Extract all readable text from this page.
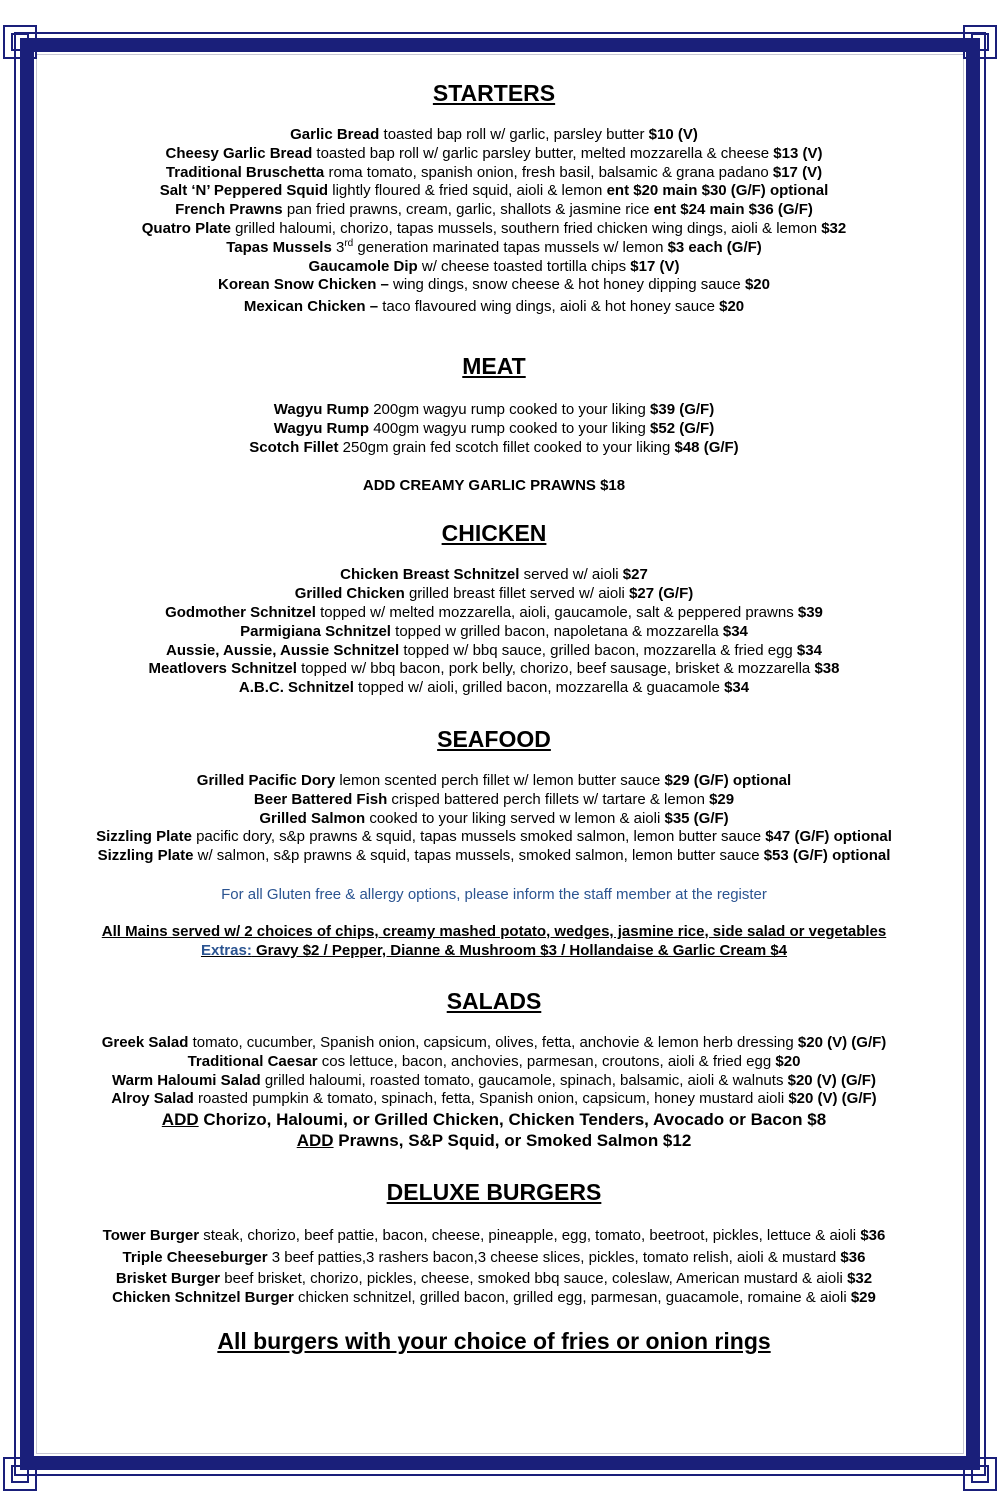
STARTERS
Garlic Bread toasted bap roll w/ garlic, parsley butter $10 (V)
Cheesy Garlic Bread toasted bap roll w/ garlic parsley butter, melted mozzarella & cheese $13 (V)
Traditional Bruschetta roma tomato, spanish onion, fresh basil, balsamic & grana padano $17 (V)
Salt ‘N’ Peppered Squid lightly floured & fried squid, aioli & lemon ent $20 main $30 (G/F) optional
French Prawns pan fried prawns, cream, garlic, shallots & jasmine rice ent $24 main $36 (G/F)
Quatro Plate grilled haloumi, chorizo, tapas mussels, southern fried chicken wing dings, aioli & lemon $32
Tapas Mussels 3rd generation marinated tapas mussels w/ lemon $3 each (G/F)
Gaucamole Dip w/ cheese toasted tortilla chips $17 (V)
Korean Snow Chicken – wing dings, snow cheese & hot honey dipping sauce $20
Mexican Chicken – taco flavoured wing dings, aioli & hot honey sauce $20
MEAT
Wagyu Rump 200gm wagyu rump cooked to your liking $39 (G/F)
Wagyu Rump 400gm wagyu rump cooked to your liking $52 (G/F)
Scotch Fillet 250gm grain fed scotch fillet cooked to your liking $48 (G/F)
ADD CREAMY GARLIC PRAWNS $18
CHICKEN
Chicken Breast Schnitzel served w/ aioli $27
Grilled Chicken grilled breast fillet served w/ aioli $27 (G/F)
Godmother Schnitzel topped w/ melted mozzarella, aioli, gaucamole, salt & peppered prawns $39
Parmigiana Schnitzel topped w grilled bacon, napoletana & mozzarella $34
Aussie, Aussie, Aussie Schnitzel topped w/ bbq sauce, grilled bacon, mozzarella & fried egg $34
Meatlovers Schnitzel topped w/ bbq bacon, pork belly, chorizo, beef sausage, brisket & mozzarella $38
A.B.C. Schnitzel topped w/ aioli, grilled bacon, mozzarella & guacamole $34
SEAFOOD
Grilled Pacific Dory lemon scented perch fillet w/ lemon butter sauce $29 (G/F) optional
Beer Battered Fish crisped battered perch fillets w/ tartare & lemon $29
Grilled Salmon cooked to your liking served w lemon & aioli $35 (G/F)
Sizzling Plate pacific dory, s&p prawns & squid, tapas mussels smoked salmon, lemon butter sauce $47 (G/F) optional
Sizzling Plate w/ salmon, s&p prawns & squid, tapas mussels, smoked salmon, lemon butter sauce $53 (G/F) optional
For all Gluten free & allergy options, please inform the staff member at the register
All Mains served w/ 2 choices of chips, creamy mashed potato, wedges, jasmine rice, side salad or vegetables
Extras: Gravy $2 / Pepper, Dianne & Mushroom $3 / Hollandaise & Garlic Cream $4
SALADS
Greek Salad tomato, cucumber, Spanish onion, capsicum, olives, fetta, anchovie & lemon herb dressing $20 (V) (G/F)
Traditional Caesar cos lettuce, bacon, anchovies, parmesan, croutons, aioli & fried egg $20
Warm Haloumi Salad grilled haloumi, roasted tomato, gaucamole, spinach, balsamic, aioli & walnuts $20 (V) (G/F)
Alroy Salad roasted pumpkin & tomato, spinach, fetta, Spanish onion, capsicum, honey mustard aioli $20 (V) (G/F)
ADD Chorizo, Haloumi, or Grilled Chicken, Chicken Tenders, Avocado or Bacon $8
ADD Prawns, S&P Squid, or Smoked Salmon $12
DELUXE BURGERS
Tower Burger steak, chorizo, beef pattie, bacon, cheese, pineapple, egg, tomato, beetroot, pickles, lettuce & aioli $36
Triple Cheeseburger 3 beef patties,3 rashers bacon,3 cheese slices, pickles, tomato relish, aioli & mustard $36
Brisket Burger beef brisket, chorizo, pickles, cheese, smoked bbq sauce, coleslaw, American mustard & aioli $32
Chicken Schnitzel Burger chicken schnitzel, grilled bacon, grilled egg, parmesan, guacamole, romaine & aioli $29
All burgers with your choice of fries or onion rings
